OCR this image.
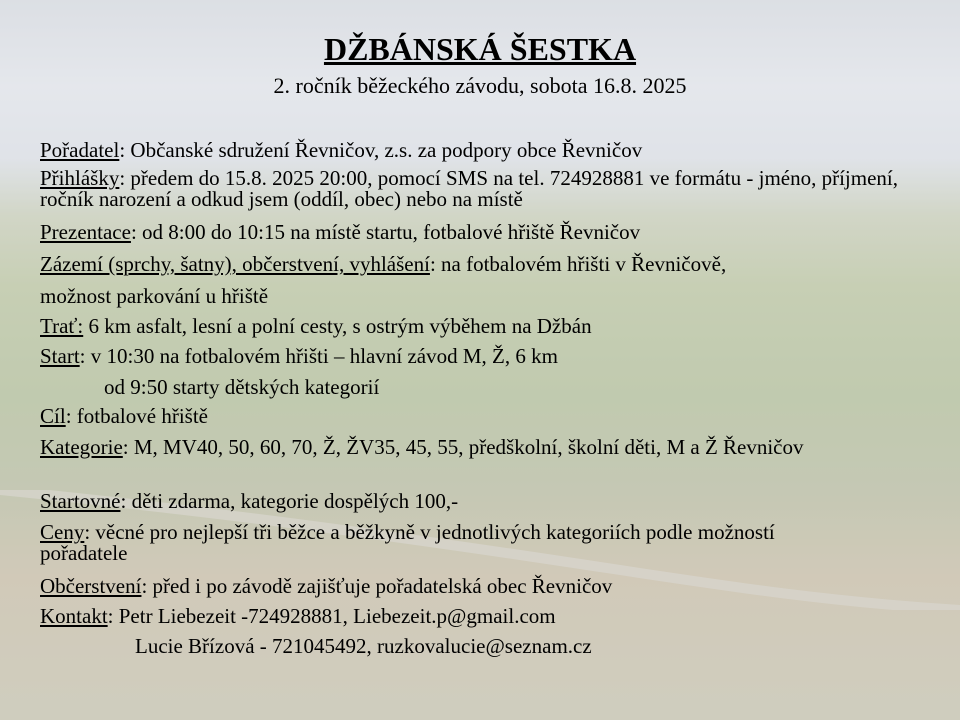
DŽBÁNSKÁ ŠESTKA
2. ročník běžeckého závodu, sobota 16.8. 2025
Pořadatel: Občanské sdružení Řevničov, z.s. za podpory obce Řevničov
Přihlášky: předem do 15.8. 2025 20:00, pomocí SMS na tel. 724928881 ve formátu - jméno, příjmení, ročník narození a odkud jsem (oddíl, obec) nebo na místě
Prezentace: od 8:00 do 10:15 na místě startu, fotbalové hřiště Řevničov
Zázemí (sprchy, šatny), občerstvení, vyhlášení: na fotbalovém hřišti v Řevničově,
možnost parkování u hřiště
Trať: 6 km asfalt, lesní a polní cesty, s ostrým výběhem na Džbán
Start: v 10:30 na fotbalovém hřišti – hlavní závod M, Ž, 6 km
od 9:50 starty dětských kategorií
Cíl: fotbalové hřiště
Kategorie: M, MV40, 50, 60, 70, Ž, ŽV35, 45, 55, předškolní, školní děti, M a Ž Řevničov
Startovné: děti zdarma, kategorie dospělých 100,-
Ceny: věcné pro nejlepší tři běžce a běžkyně v jednotlivých kategoriích podle možností pořadatele
Občerstvení: před i po závodě zajišťuje pořadatelská obec Řevničov
Kontakt: Petr Liebezeit -724928881, Liebezeit.p@gmail.com
Lucie Břízová - 721045492, ruzkovalucie@seznam.cz
